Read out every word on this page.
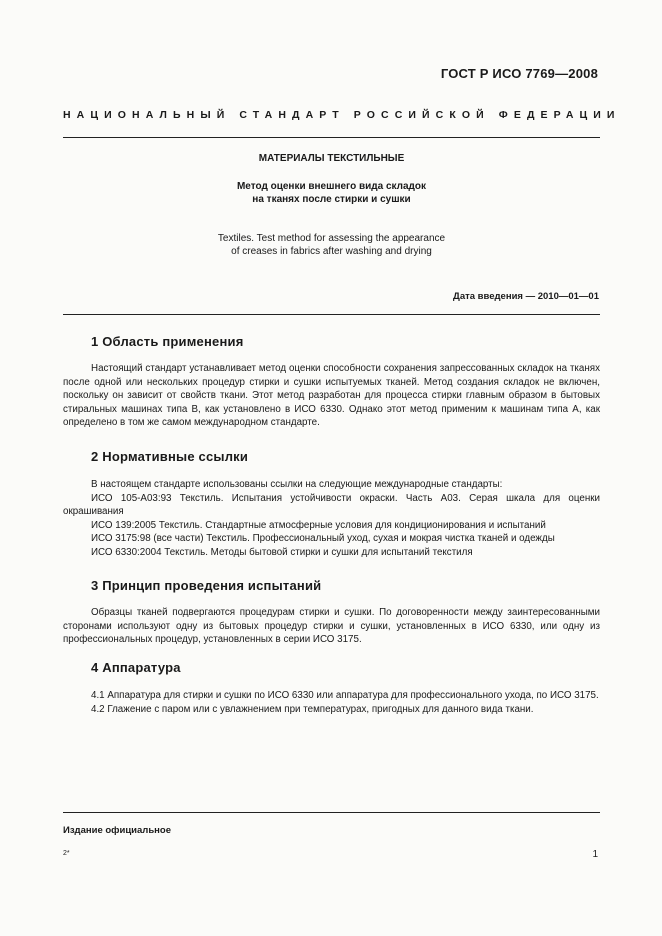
ГОСТ Р ИСО 7769—2008
НАЦИОНАЛЬНЫЙ СТАНДАРТ РОССИЙСКОЙ ФЕДЕРАЦИИ
МАТЕРИАЛЫ ТЕКСТИЛЬНЫЕ
Метод оценки внешнего вида складок
на тканях после стирки и сушки
Textiles. Test method for assessing the appearance
of creases in fabrics after washing and drying
Дата введения — 2010—01—01
1 Область применения

Настоящий стандарт устанавливает метод оценки способности сохранения запрессованных складок на тканях после одной или нескольких процедур стирки и сушки испытуемых тканей. Метод создания складок не включен, поскольку он зависит от свойств ткани. Этот метод разработан для процесса стирки главным образом в бытовых стиральных машинах типа В, как установлено в ИСО 6330. Однако этот метод применим к машинам типа А, как определено в том же самом международном стандарте.

2 Нормативные ссылки

В настоящем стандарте использованы ссылки на следующие международные стандарты:

ИСО 105-А03:93 Текстиль. Испытания устойчивости окраски. Часть А03. Серая шкала для оценки окрашивания

ИСО 139:2005 Текстиль. Стандартные атмосферные условия для кондиционирования и испытаний

ИСО 3175:98 (все части) Текстиль. Профессиональный уход, сухая и мокрая чистка тканей и одежды

ИСО 6330:2004 Текстиль. Методы бытовой стирки и сушки для испытаний текстиля

3 Принцип проведения испытаний

Образцы тканей подвергаются процедурам стирки и сушки. По договоренности между заинтересованными сторонами используют одну из бытовых процедур стирки и сушки, установленных в ИСО 6330, или одну из профессиональных процедур, установленных в серии ИСО 3175.

4 Аппаратура

4.1 Аппаратура для стирки и сушки по ИСО 6330 или аппаратура для профессионального ухода, по ИСО 3175.

4.2 Глажение с паром или с увлажнением при температурах, пригодных для данного вида ткани.

Издание официальное
2*	1
